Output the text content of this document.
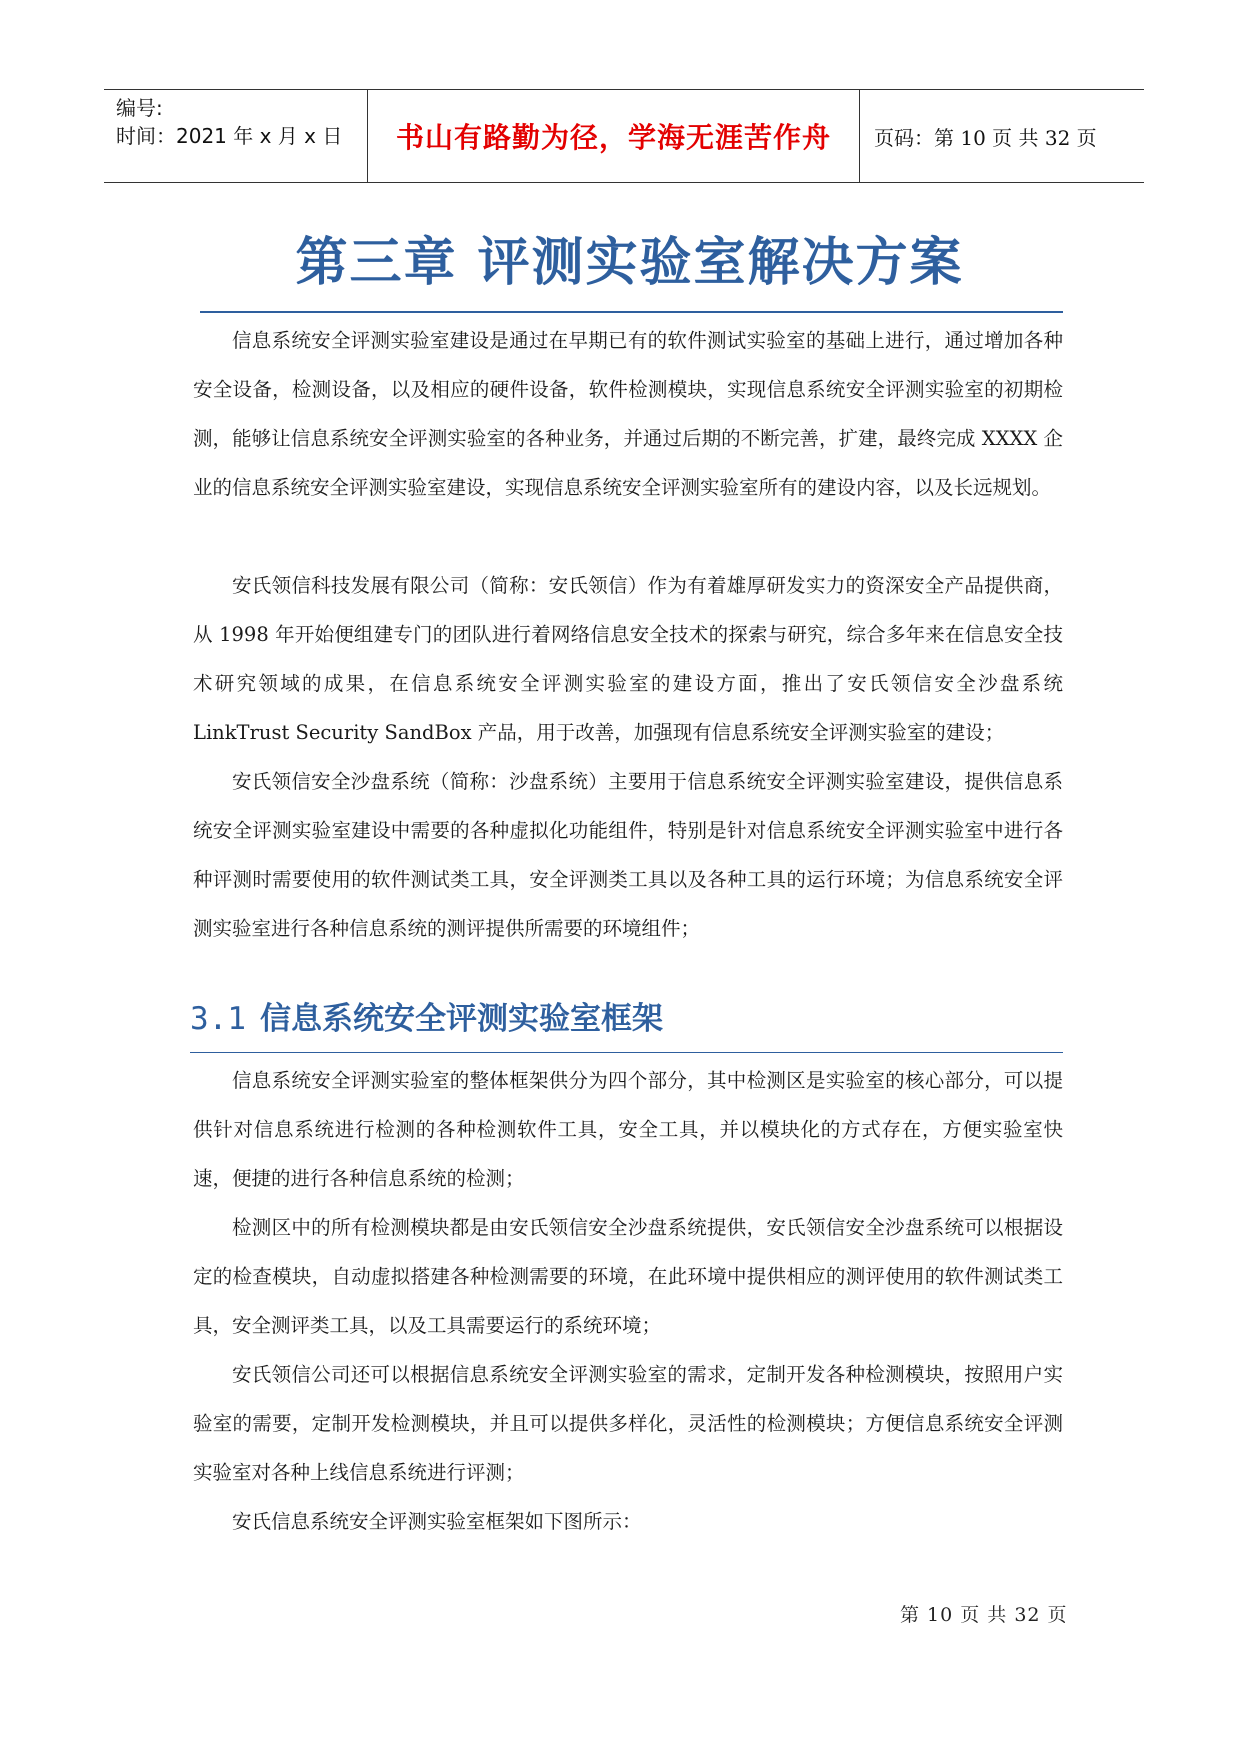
编号:
时间：2021 年 x 月 x 日	书山有路勤为径，学海无涯苦作舟	页码：第 10 页 共 32 页
第三章 评测实验室解决方案

信息系统安全评测实验室建设是通过在早期已有的软件测试实验室的基础上进行，通过增加各种安全设备，检测设备，以及相应的硬件设备，软件检测模块，实现信息系统安全评测实验室的初期检测，能够让信息系统安全评测实验室的各种业务，并通过后期的不断完善，扩建，最终完成 XXXX 企业的信息系统安全评测实验室建设，实现信息系统安全评测实验室所有的建设内容，以及长远规划。

安氏领信科技发展有限公司（简称：安氏领信）作为有着雄厚研发实力的资深安全产品提供商，从 1998 年开始便组建专门的团队进行着网络信息安全技术的探索与研究，综合多年来在信息安全技术研究领域的成果，在信息系统安全评测实验室的建设方面，推出了安氏领信安全沙盘系统 LinkTrust Security SandBox 产品，用于改善，加强现有信息系统安全评测实验室的建设；

安氏领信安全沙盘系统（简称：沙盘系统）主要用于信息系统安全评测实验室建设，提供信息系统安全评测实验室建设中需要的各种虚拟化功能组件，特别是针对信息系统安全评测实验室中进行各种评测时需要使用的软件测试类工具，安全评测类工具以及各种工具的运行环境；为信息系统安全评测实验室进行各种信息系统的测评提供所需要的环境组件；

3.1 信息系统安全评测实验室框架

信息系统安全评测实验室的整体框架供分为四个部分，其中检测区是实验室的核心部分，可以提供针对信息系统进行检测的各种检测软件工具，安全工具，并以模块化的方式存在，方便实验室快速，便捷的进行各种信息系统的检测；

检测区中的所有检测模块都是由安氏领信安全沙盘系统提供，安氏领信安全沙盘系统可以根据设定的检查模块，自动虚拟搭建各种检测需要的环境，在此环境中提供相应的测评使用的软件测试类工具，安全测评类工具，以及工具需要运行的系统环境；

安氏领信公司还可以根据信息系统安全评测实验室的需求，定制开发各种检测模块，按照用户实验室的需要，定制开发检测模块，并且可以提供多样化，灵活性的检测模块；方便信息系统安全评测实验室对各种上线信息系统进行评测；

安氏信息系统安全评测实验室框架如下图所示：

第 10 页 共 32 页
